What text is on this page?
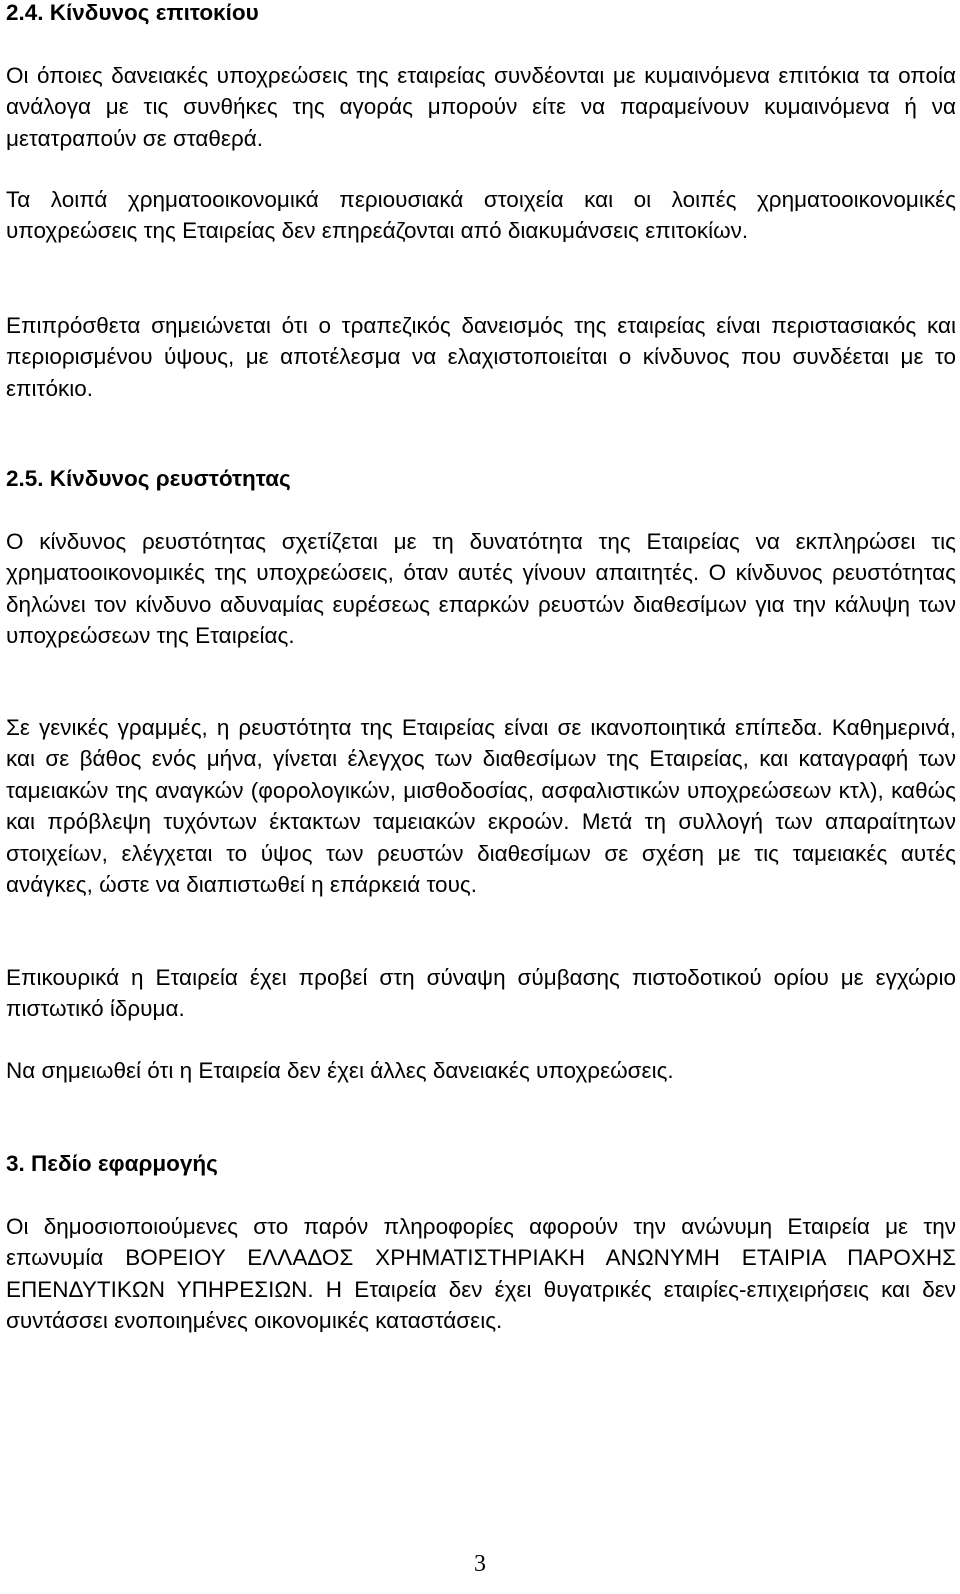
2.4. Κίνδυνος επιτοκίου

Οι όποιες δανειακές υποχρεώσεις της εταιρείας συνδέονται με κυμαινόμενα επιτόκια τα οποία ανάλογα με τις συνθήκες της αγοράς μπορούν είτε να παραμείνουν κυμαινόμενα ή να μετατραπούν σε σταθερά.

Τα λοιπά χρηματοοικονομικά περιουσιακά στοιχεία και οι λοιπές χρηματοοικονομικές υποχρεώσεις της Εταιρείας δεν επηρεάζονται από διακυμάνσεις επιτοκίων.

Επιπρόσθετα σημειώνεται ότι ο τραπεζικός δανεισμός της εταιρείας είναι περιστασιακός και περιορισμένου ύψους, με αποτέλεσμα να ελαχιστοποιείται ο κίνδυνος που συνδέεται με το επιτόκιο.

2.5. Κίνδυνος ρευστότητας

Ο κίνδυνος ρευστότητας σχετίζεται με τη δυνατότητα της Εταιρείας να εκπληρώσει τις χρηματοοικονομικές της υποχρεώσεις, όταν αυτές γίνουν απαιτητές. Ο κίνδυνος ρευστότητας δηλώνει τον κίνδυνο αδυναμίας ευρέσεως επαρκών ρευστών διαθεσίμων για την κάλυψη των υποχρεώσεων της Εταιρείας.

Σε γενικές γραμμές, η ρευστότητα της Εταιρείας είναι σε ικανοποιητικά επίπεδα. Καθημερινά, και σε βάθος ενός μήνα, γίνεται έλεγχος των διαθεσίμων της Εταιρείας, και καταγραφή των ταμειακών της αναγκών (φορολογικών, μισθοδοσίας, ασφαλιστικών υποχρεώσεων κτλ), καθώς και πρόβλεψη τυχόντων έκτακτων ταμειακών εκροών. Μετά τη συλλογή των απαραίτητων στοιχείων, ελέγχεται το ύψος των ρευστών διαθεσίμων σε σχέση με τις ταμειακές αυτές ανάγκες, ώστε να διαπιστωθεί η επάρκειά τους.

Επικουρικά η Εταιρεία έχει προβεί στη σύναψη σύμβασης πιστοδοτικού ορίου με εγχώριο πιστωτικό ίδρυμα.

Να σημειωθεί ότι η Εταιρεία δεν έχει άλλες δανειακές υποχρεώσεις.

3. Πεδίο εφαρμογής

Οι δημοσιοποιούμενες στο παρόν πληροφορίες αφορούν την ανώνυμη Εταιρεία με την επωνυμία ΒΟΡΕΙΟΥ ΕΛΛΑΔΟΣ ΧΡΗΜΑΤΙΣΤΗΡΙΑΚΗ ΑΝΩΝΥΜΗ ΕΤΑΙΡΙΑ ΠΑΡΟΧΗΣ ΕΠΕΝΔΥΤΙΚΩΝ ΥΠΗΡΕΣΙΩΝ. Η Εταιρεία δεν έχει θυγατρικές εταιρίες-επιχειρήσεις και δεν συντάσσει ενοποιημένες οικονομικές καταστάσεις.

3
